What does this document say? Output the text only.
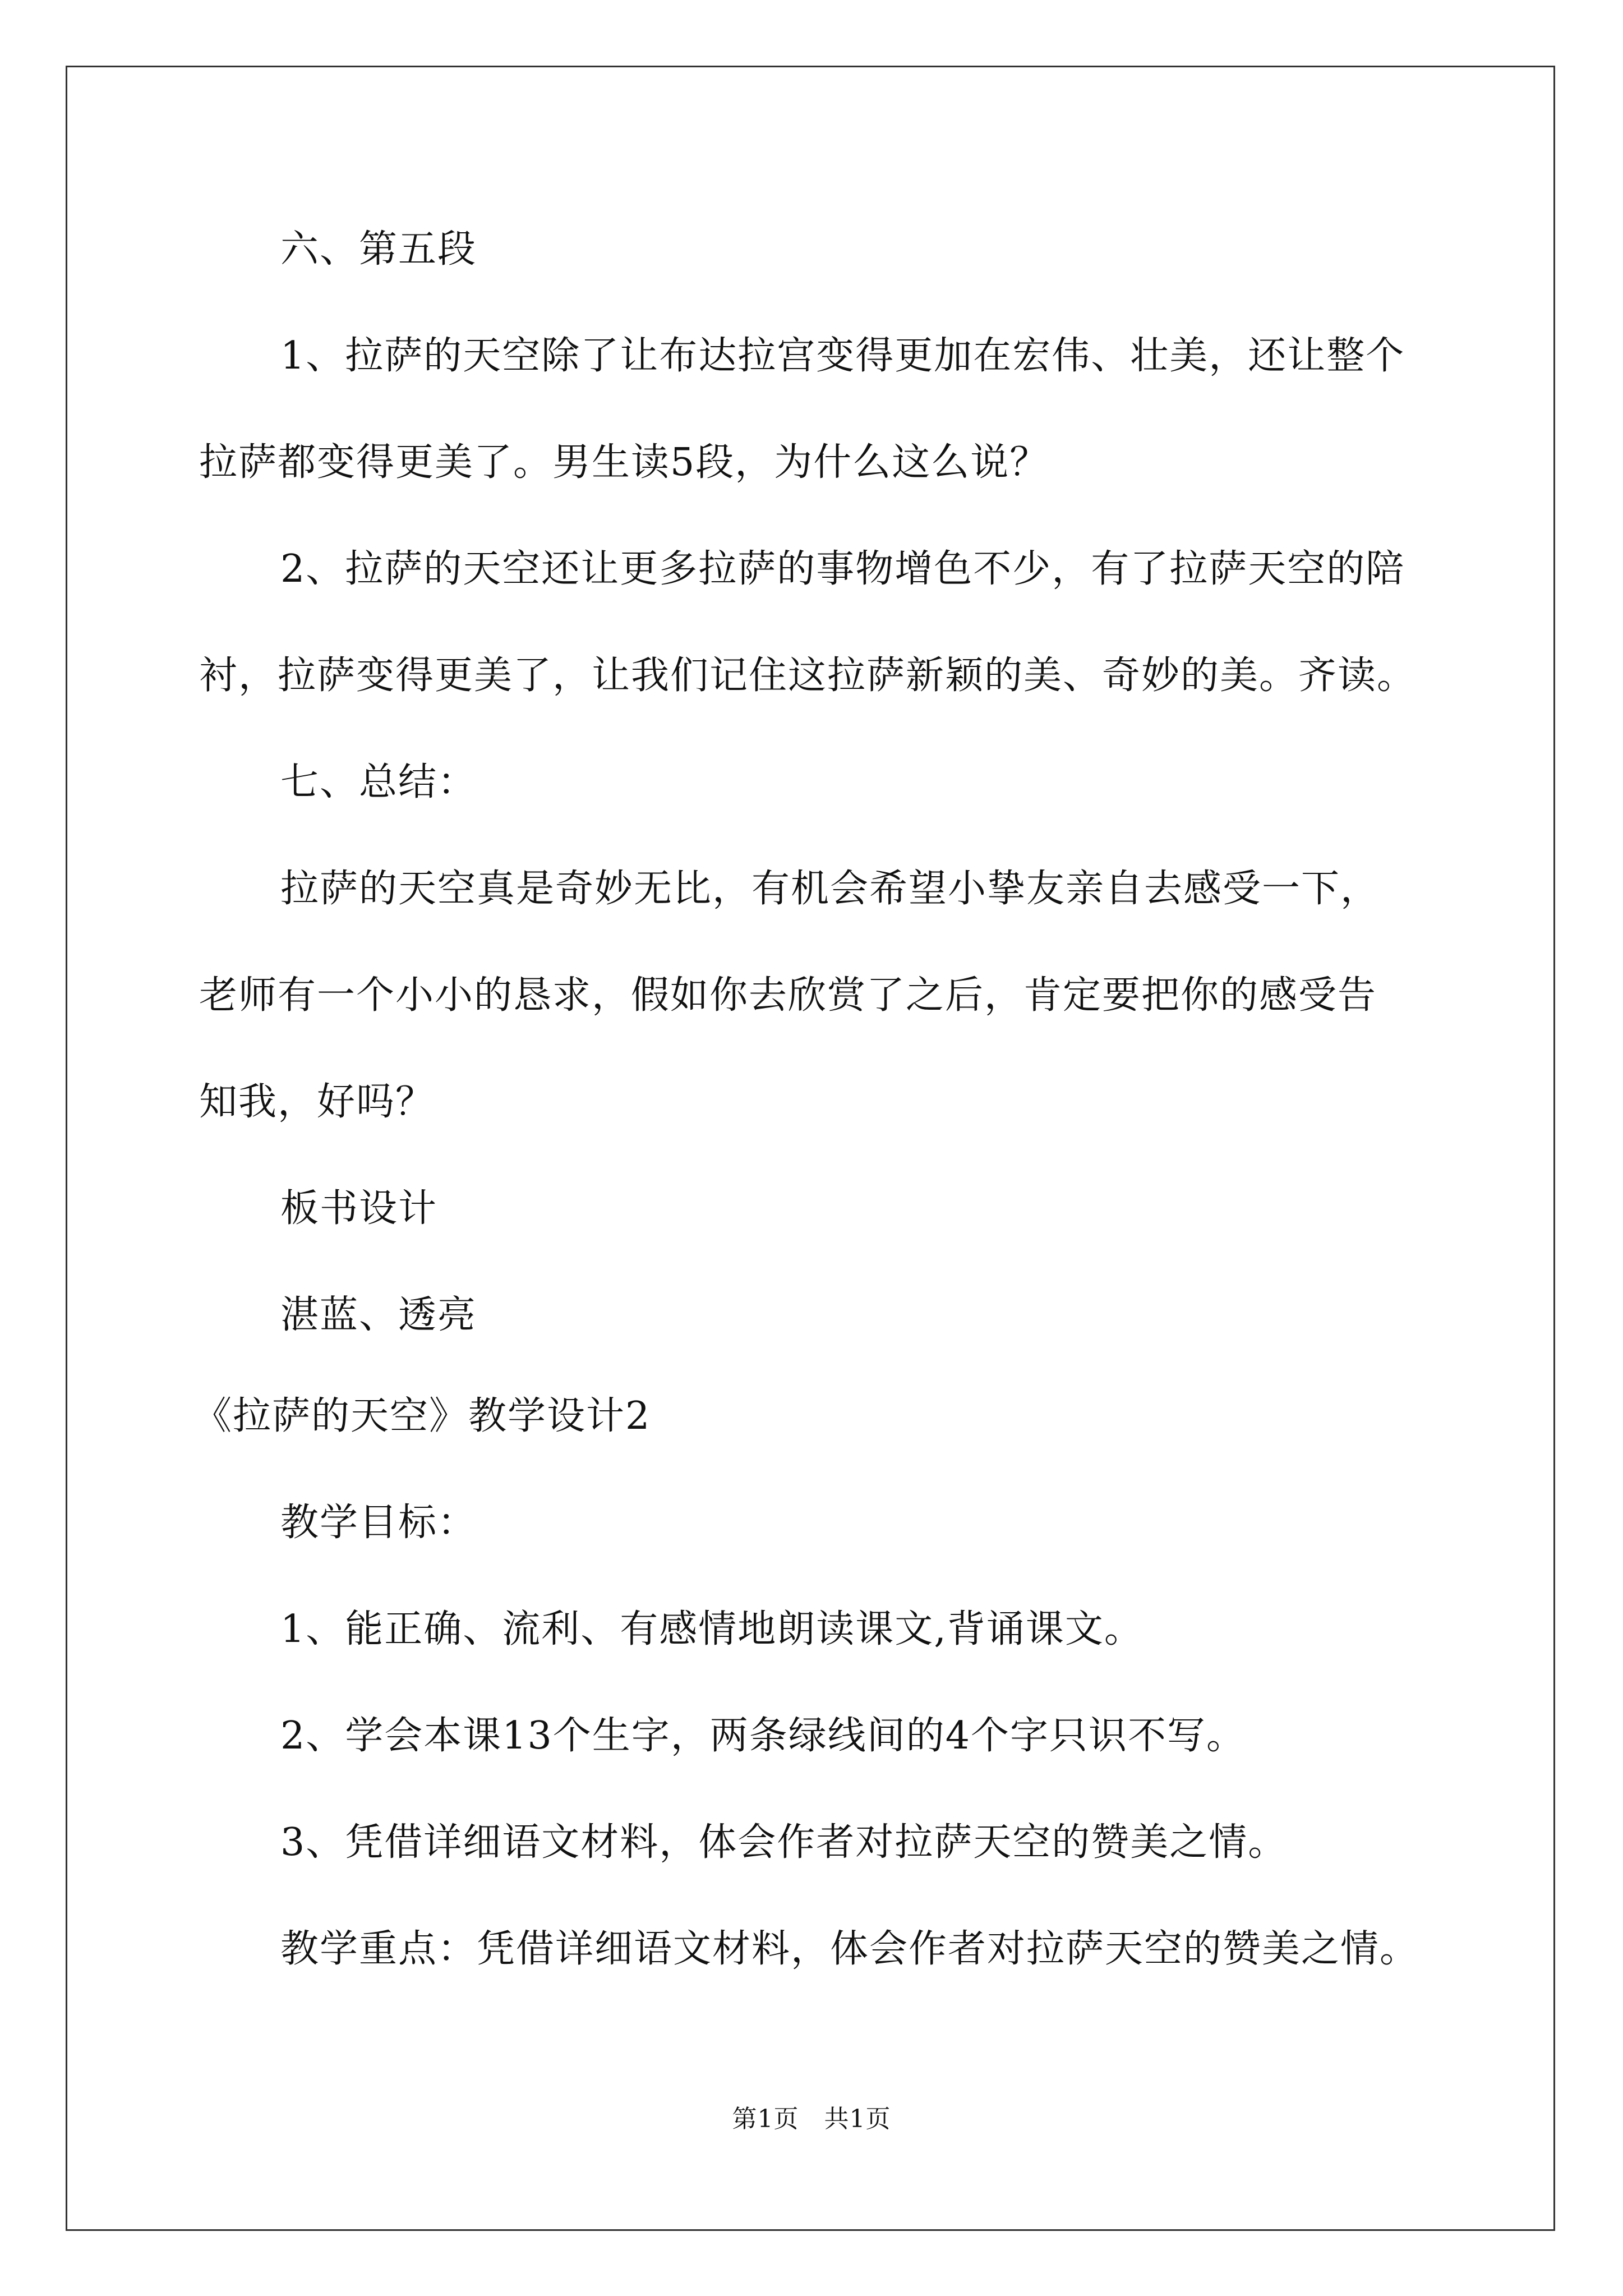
六、第五段
1、拉萨的天空除了让布达拉宫变得更加在宏伟、壮美，还让整个
拉萨都变得更美了。男生读5段，为什么这么说？
2、拉萨的天空还让更多拉萨的事物增色不少，有了拉萨天空的陪
衬，拉萨变得更美了，让我们记住这拉萨新颖的美、奇妙的美。齐读。
七、总结：
拉萨的天空真是奇妙无比，有机会希望小挚友亲自去感受一下，
老师有一个小小的恳求，假如你去欣赏了之后，肯定要把你的感受告
知我，好吗？
板书设计
湛蓝、透亮
《拉萨的天空》教学设计2
教学目标：
1、能正确、流利、有感情地朗读课文,背诵课文。
2、学会本课13个生字，两条绿线间的4个字只识不写。
3、凭借详细语文材料，体会作者对拉萨天空的赞美之情。
教学重点：凭借详细语文材料，体会作者对拉萨天空的赞美之情。
第1页　共1页
